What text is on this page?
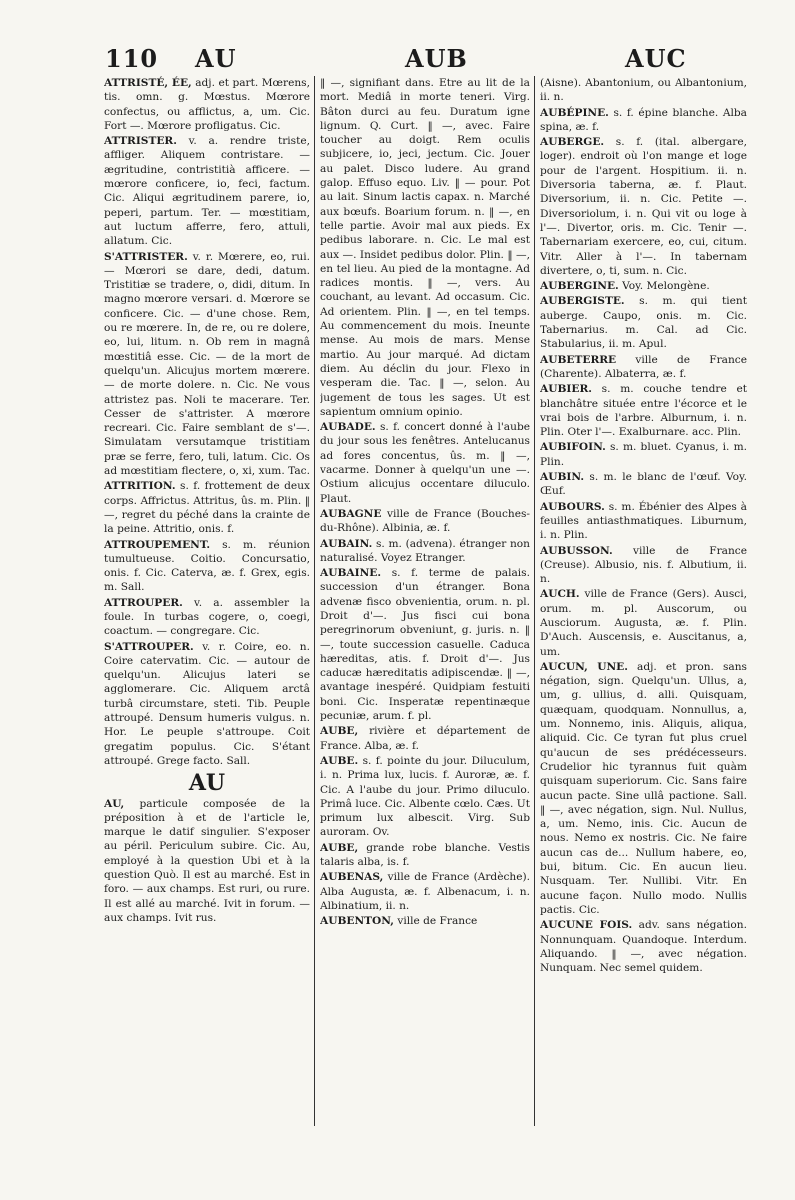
110 AU	AUB	AUC

ATTRISTÉ, ÉE, adj. et part. Mœrens, tis. omn. g. Mœstus. Mœrore confectus, ou afflictus, a, um. Cic. Fort —. Mœrore profligatus. Cic.

ATTRISTER. v. a. rendre triste, affliger. Aliquem contristare. — ægritudine, contristitià afficere. — mœrore conficere, io, feci, factum. Cic. Aliqui ægritudinem parere, io, peperi, partum. Ter. — mœstitiam, aut luctum afferre, fero, attuli, allatum. Cic.

S'ATTRISTER. v. r. Mœrere, eo, rui. — Mœrori se dare, dedi, datum. Tristitiæ se tradere, o, didi, ditum. In magno mœrore versari. d. Mœrore se conficere. Cic. — d'une chose. Rem, ou re mœrere. In, de re, ou re dolere, eo, lui, litum. n. Ob rem in magnâ mœstitiâ esse. Cic. — de la mort de quelqu'un. Alicujus mortem mœrere. — de morte dolere. n. Cic. Ne vous attristez pas. Noli te macerare. Ter. Cesser de s'attrister. A mœrore recreari. Cic. Faire semblant de s'—. Simulatam versutamque tristitiam præ se ferre, fero, tuli, latum. Cic. Os ad mœstitiam flectere, o, xi, xum. Tac.

ATTRITION. s. f. frottement de deux corps. Affrictus. Attritus, ûs. m. Plin. ‖ —, regret du péché dans la crainte de la peine. Attritio, onis. f.

ATTROUPEMENT. s. m. réunion tumultueuse. Coitio. Concursatio, onis. f. Cic. Caterva, æ. f. Grex, egis. m. Sall.

ATTROUPER. v. a. assembler la foule. In turbas cogere, o, coegi, coactum. — congregare. Cic.

S'ATTROUPER. v. r. Coire, eo. n. Coire catervatim. Cic. — autour de quelqu'un. Alicujus lateri se agglomerare. Cic. Aliquem arctâ turbâ circumstare, steti. Tib. Peuple attroupé. Densum humeris vulgus. n. Hor. Le peuple s'attroupe. Coit gregatim populus. Cic. S'étant attroupé. Grege facto. Sall.

AU

AU, particule composée de la préposition à et de l'article le, marque le datif singulier. S'exposer au péril. Periculum subire. Cic. Au, employé à la question Ubi et à la question Quò. Il est au marché. Est in foro. — aux champs. Est ruri, ou rure. Il est allé au marché. Ivit in forum. — aux champs. Ivit rus.

‖ —, signifiant dans. Etre au lit de la mort. Mediâ in morte teneri. Virg. Bâton durci au feu. Duratum igne lignum. Q. Curt. ‖ —, avec. Faire toucher au doigt. Rem oculis subjicere, io, jeci, jectum. Cic. Jouer au palet. Disco ludere. Au grand galop. Effuso equo. Liv. ‖ — pour. Pot au lait. Sinum lactis capax. n. Marché aux bœufs. Boarium forum. n. ‖ —, en telle partie. Avoir mal aux pieds. Ex pedibus laborare. n. Cic. Le mal est aux —. Insidet pedibus dolor. Plin. ‖ —, en tel lieu. Au pied de la montagne. Ad radices montis. ‖ —, vers. Au couchant, au levant. Ad occasum. Cic. Ad orientem. Plin. ‖ —, en tel temps. Au commencement du mois. Ineunte mense. Au mois de mars. Mense martio. Au jour marqué. Ad dictam diem. Au déclin du jour. Flexo in vesperam die. Tac. ‖ —, selon. Au jugement de tous les sages. Ut est sapientum omnium opinio.

AUBADE. s. f. concert donné à l'aube du jour sous les fenêtres. Antelucanus ad fores concentus, ûs. m. ‖ —, vacarme. Donner à quelqu'un une —. Ostium alicujus occentare diluculo. Plaut.

AUBAGNE ville de France (Bouches-du-Rhône). Albinia, æ. f.

AUBAIN. s. m. (advena). étranger non naturalisé. Voyez Etranger.

AUBAINE. s. f. terme de palais. succession d'un étranger. Bona advenæ fisco obvenientia, orum. n. pl. Droit d'—. Jus fisci cui bona peregrinorum obveniunt, g. juris. n. ‖ —, toute succession casuelle. Caduca hæreditas, atis. f. Droit d'—. Jus caducæ hæreditatis adipiscendæ. ‖ —, avantage inespéré. Quidpiam festuiti boni. Cic. Insperatæ repentinæque pecuniæ, arum. f. pl.

AUBE, rivière et département de France. Alba, æ. f.

AUBE. s. f. pointe du jour. Diluculum, i. n. Prima lux, lucis. f. Auroræ, æ. f. Cic. A l'aube du jour. Primo diluculo. Primâ luce. Cic. Albente cœlo. Cæs. Ut primum lux albescit. Virg. Sub auroram. Ov.

AUBE, grande robe blanche. Vestis talaris alba, is. f.

AUBENAS, ville de France (Ardèche). Alba Augusta, æ. f. Albenacum, i. n. Albinatium, ii. n.

AUBENTON, ville de France

(Aisne). Abantonium, ou Albantonium, ii. n.

AUBÉPINE. s. f. épine blanche. Alba spina, æ. f.

AUBERGE. s. f. (ital. albergare, loger). endroit où l'on mange et loge pour de l'argent. Hospitium. ii. n. Diversoria taberna, æ. f. Plaut. Diversorium, ii. n. Cic. Petite —. Diversoriolum, i. n. Qui vit ou loge à l'—. Divertor, oris. m. Cic. Tenir —. Tabernariam exercere, eo, cui, citum. Vitr. Aller à l'—. In tabernam divertere, o, ti, sum. n. Cic.

AUBERGINE. Voy. Melongène.

AUBERGISTE. s. m. qui tient auberge. Caupo, onis. m. Cic. Tabernarius. m. Cal. ad Cic. Stabularius, ii. m. Apul.

AUBETERRE ville de France (Charente). Albaterra, æ. f.

AUBIER. s. m. couche tendre et blanchâtre située entre l'écorce et le vrai bois de l'arbre. Alburnum, i. n. Plin. Oter l'—. Exalburnare. acc. Plin.

AUBIFOIN. s. m. bluet. Cyanus, i. m. Plin.

AUBIN. s. m. le blanc de l'œuf. Voy. Œuf.

AUBOURS. s. m. Ébénier des Alpes à feuilles antiasthmatiques. Liburnum, i. n. Plin.

AUBUSSON. ville de France (Creuse). Albusio, nis. f. Albutium, ii. n.

AUCH. ville de France (Gers). Ausci, orum. m. pl. Auscorum, ou Ausciorum. Augusta, æ. f. Plin. D'Auch. Auscensis, e. Auscitanus, a, um.

AUCUN, UNE. adj. et pron. sans négation, sign. Quelqu'un. Ullus, a, um, g. ullius, d. alli. Quisquam, quæquam, quodquam. Nonnullus, a, um. Nonnemo, inis. Aliquis, aliqua, aliquid. Cic. Ce tyran fut plus cruel qu'aucun de ses prédécesseurs. Crudelior hic tyrannus fuit quàm quisquam superiorum. Cic. Sans faire aucun pacte. Sine ullâ pactione. Sall. ‖ —, avec négation, sign. Nul. Nullus, a, um. Nemo, inis. Cic. Aucun de nous. Nemo ex nostris. Cic. Ne faire aucun cas de... Nullum habere, eo, bui, bitum. Cic. En aucun lieu. Nusquam. Ter. Nullibi. Vitr. En aucune façon. Nullo modo. Nullis pactis. Cic.

AUCUNE FOIS. adv. sans négation. Nonnunquam. Quandoque. Interdum. Aliquando. ‖ —, avec négation. Nunquam. Nec semel quidem.
